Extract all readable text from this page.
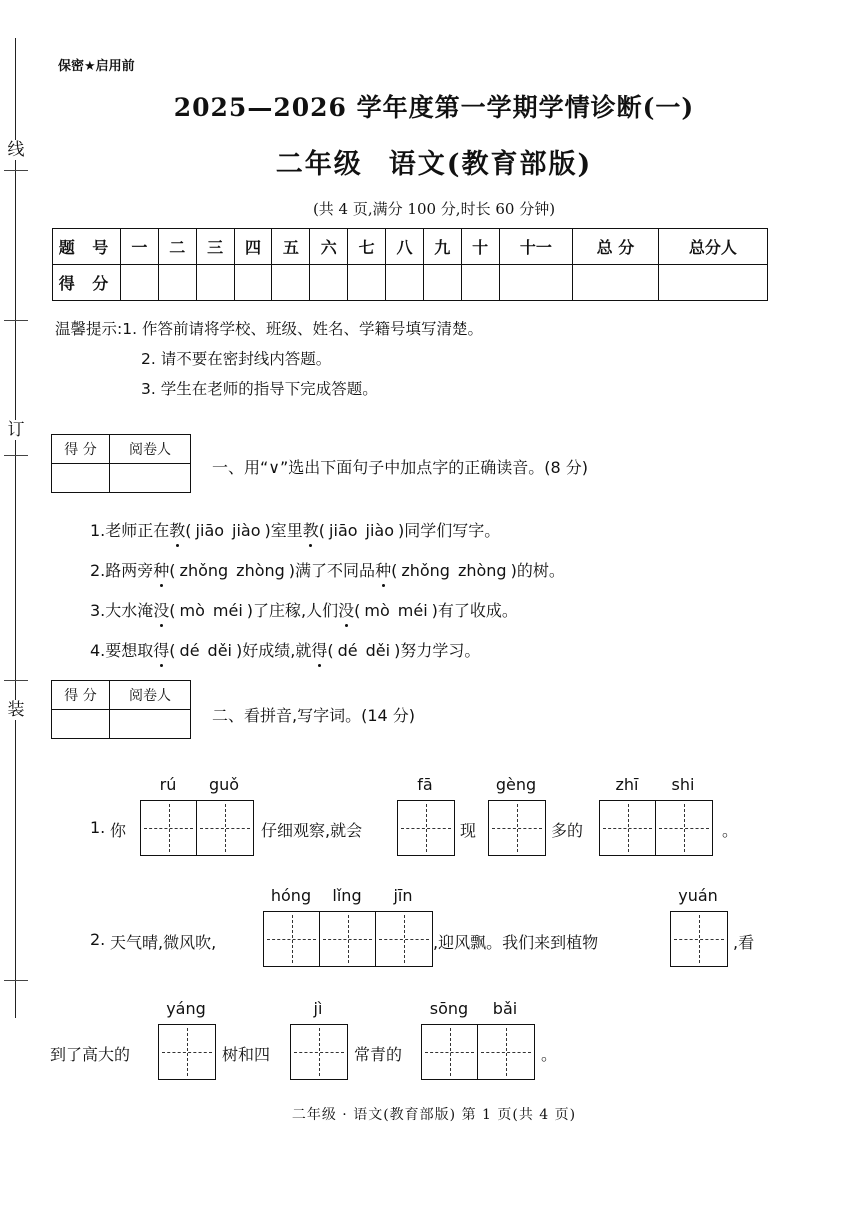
线
订
装
保密★启用前
2025—2026 学年度第一学期学情诊断(一)
二年级 语文(教育部版)
(共 4 页,满分 100 分,时长 60 分钟)
题 号	一	二	三	四	五	六	七	八	九	十	十一	总 分	总分人
得 分													
温馨提示:1. 作答前请将学校、班级、姓名、学籍号填写清楚。
2. 请不要在密封线内答题。
3. 学生在老师的指导下完成答题。
得 分	阅卷人

一、用“∨”选出下面句子中加点字的正确读音。(8 分)
1.老师正在教( jiāo jiào )室里教( jiāo jiào )同学们写字。
2.路两旁种( zhǒng zhòng )满了不同品种( zhǒng zhòng )的树。
3.大水淹没( mò méi )了庄稼,人们没( mò méi )有了收成。
4.要想取得( dé děi )好成绩,就得( dé děi )努力学习。
得 分	阅卷人

二、看拼音,写字词。(14 分)
1. 你
rú	guǒ
仔细观察,就会
fā
现
gèng
多的
zhī	shi
。
2. 天气晴,微风吹,
hóng	lǐng	jīn
,迎风飘。我们来到植物
yuán
,看
到了高大的
yáng
树和四
jì
常青的
sōng	bǎi
。
二年级 · 语文(教育部版) 第 1 页(共 4 页)
